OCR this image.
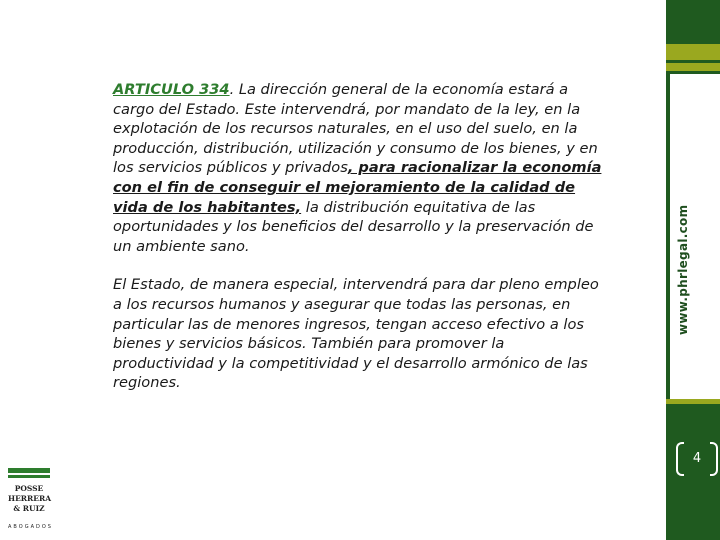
ARTICULO 334. La dirección general de la economía estará a cargo del Estado. Este intervendrá, por mandato de la ley, en la explotación de los recursos naturales, en el uso del suelo, en la producción, distribución, utilización y consumo de los bienes, y en los servicios públicos y privados, para racionalizar la economía con el fin de conseguir el mejoramiento de la calidad de vida de los habitantes, la distribución equitativa de las oportunidades y los beneficios del desarrollo y la preservación de un ambiente sano.

El Estado, de manera especial, intervendrá para dar pleno empleo a los recursos humanos y asegurar que todas las personas, en particular las de menores ingresos, tengan acceso efectivo a los bienes y servicios básicos. También para promover la productividad y la competitividad y el desarrollo armónico de las regiones.

www.phrlegal.com
4
POSSE
HERRERA
& RUIZ
ABOGADOS
